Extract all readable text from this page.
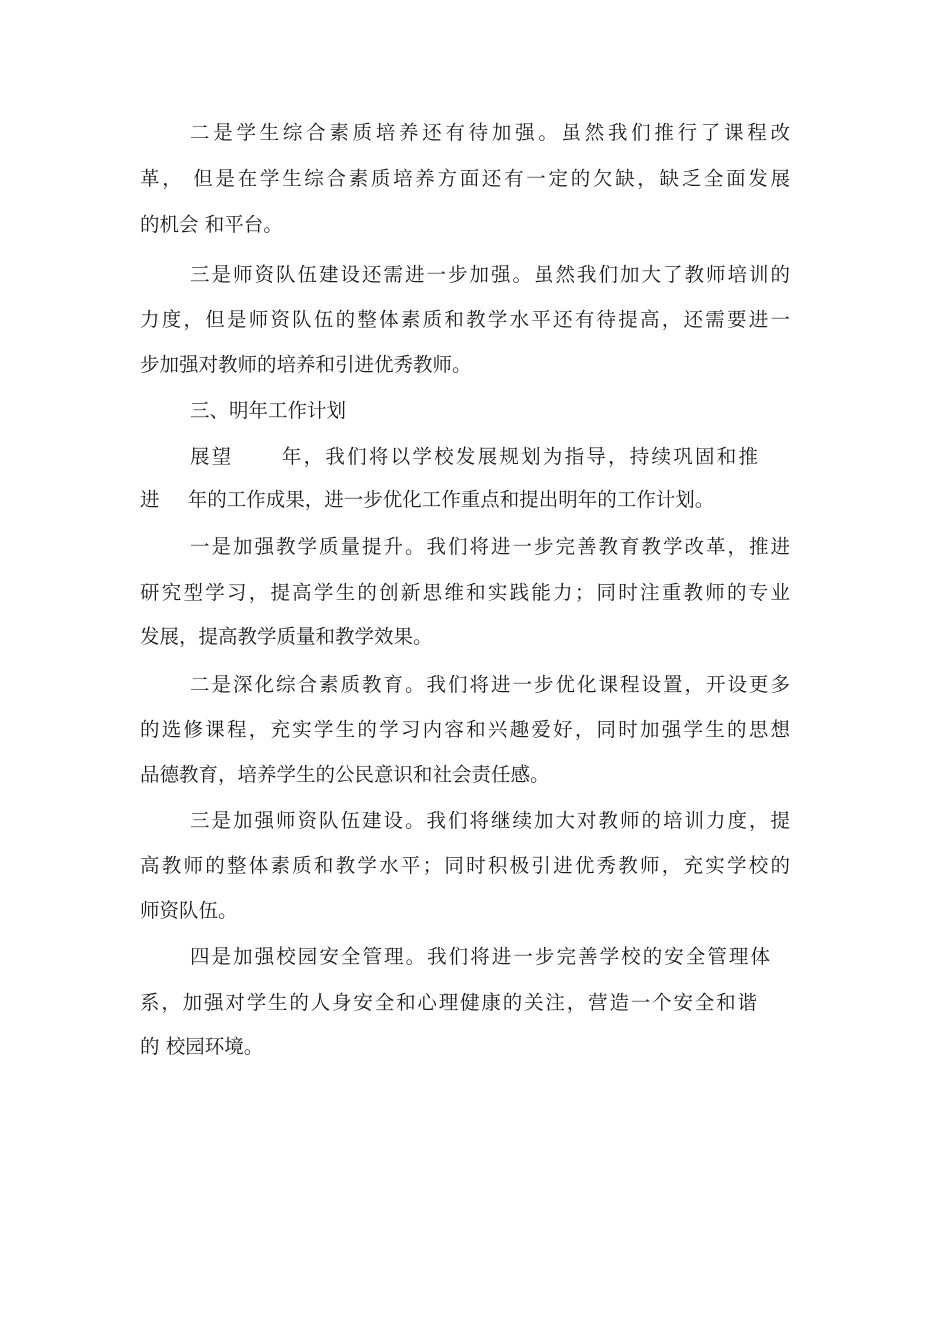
二是学生综合素质培养还有待加强。虽然我们推行了课程改
革， 但是在学生综合素质培养方面还有一定的欠缺，缺乏全面发展
的机会 和平台。
三是师资队伍建设还需进一步加强。虽然我们加大了教师培训的
力度，但是师资队伍的整体素质和教学水平还有待提高，还需要进一
步加强对教师的培养和引进优秀教师。
三、明年工作计划
展望 年，我们将以学校发展规划为指导，持续巩固和推
进 年的工作成果，进一步优化工作重点和提出明年的工作计划。
一是加强教学质量提升。我们将进一步完善教育教学改革，推进
研究型学习，提高学生的创新思维和实践能力；同时注重教师的专业
发展，提高教学质量和教学效果。
二是深化综合素质教育。我们将进一步优化课程设置，开设更多
的选修课程，充实学生的学习内容和兴趣爱好，同时加强学生的思想
品德教育，培养学生的公民意识和社会责任感。
三是加强师资队伍建设。我们将继续加大对教师的培训力度，提
高教师的整体素质和教学水平；同时积极引进优秀教师，充实学校的
师资队伍。
四是加强校园安全管理。我们将进一步完善学校的安全管理体
系，加强对学生的人身安全和心理健康的关注，营造一个安全和谐
的 校园环境。
